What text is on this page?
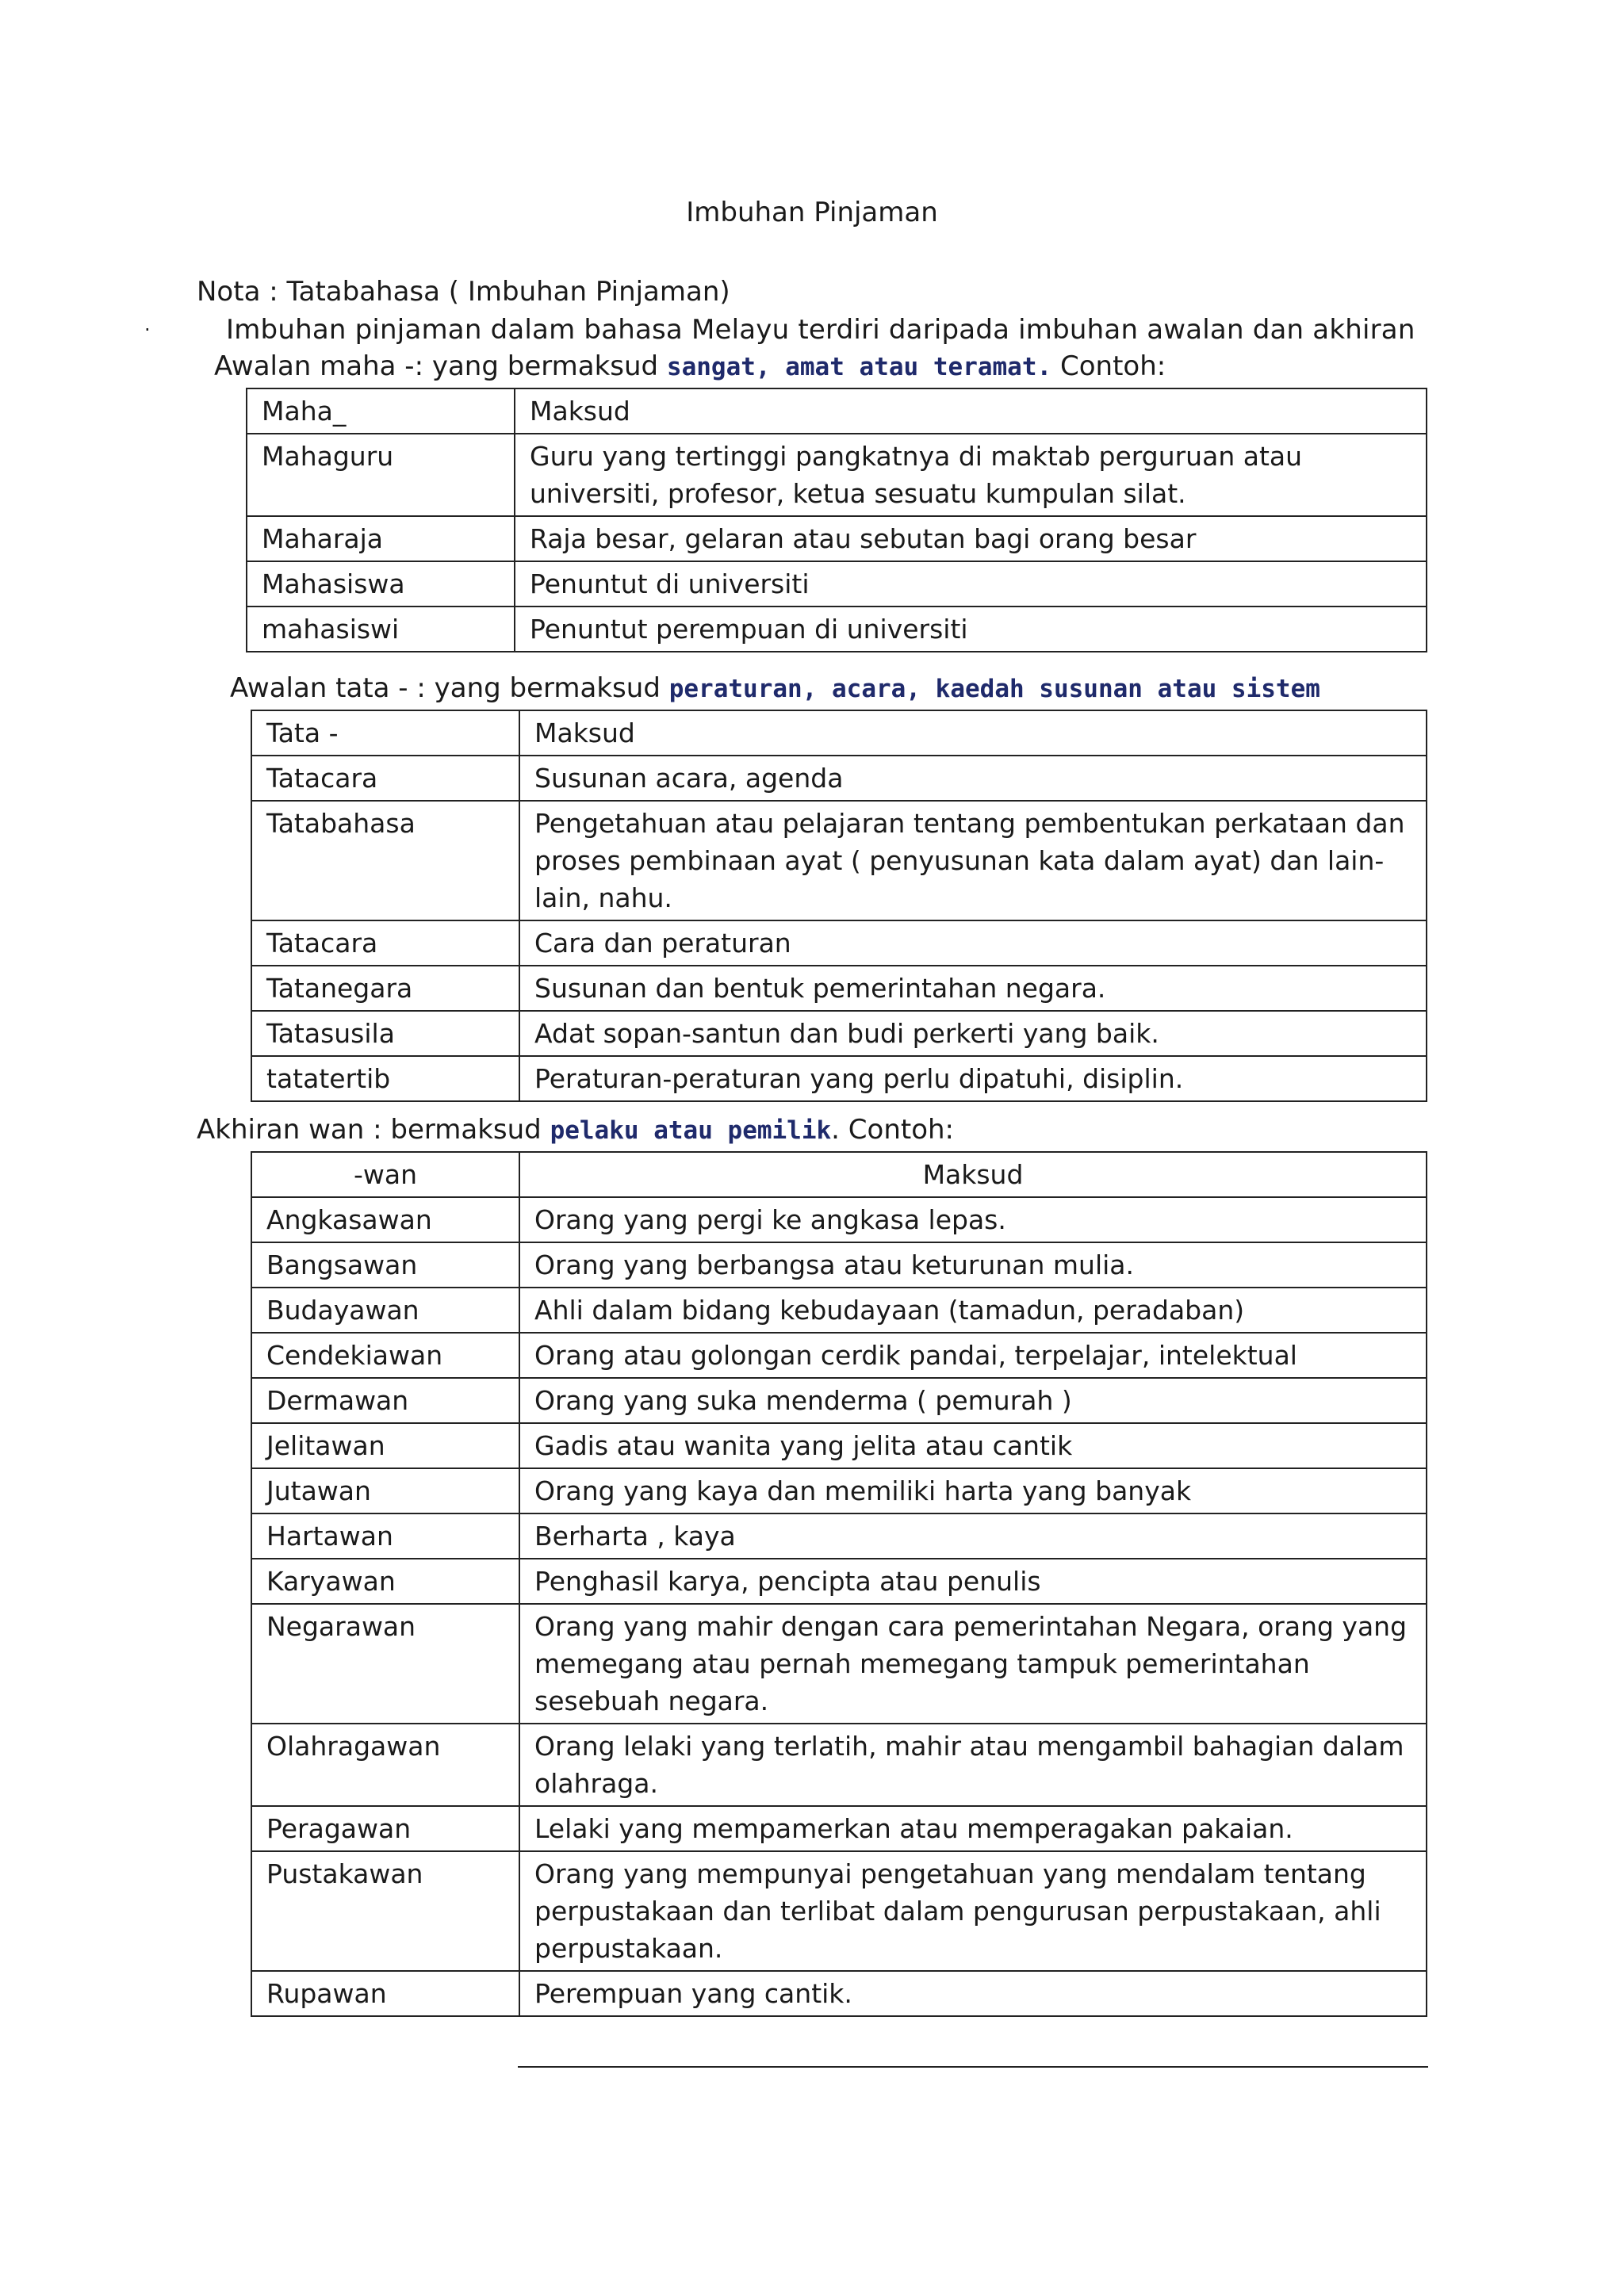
Imbuhan Pinjaman
Nota : Tatabahasa ( Imbuhan Pinjaman)
·	Imbuhan pinjaman dalam bahasa Melayu terdiri daripada imbuhan awalan dan akhiran
Awalan maha -: yang bermaksud sangat, amat atau teramat. Contoh:
Maha_	Maksud
Mahaguru	Guru yang tertinggi pangkatnya di maktab perguruan atau universiti, profesor, ketua sesuatu kumpulan silat.
Maharaja	Raja besar, gelaran atau sebutan bagi orang besar
Mahasiswa	Penuntut di universiti
mahasiswi	Penuntut perempuan di universiti
Awalan tata - : yang bermaksud peraturan, acara, kaedah susunan atau sistem
Tata -	Maksud
Tatacara	Susunan acara, agenda
Tatabahasa	Pengetahuan atau pelajaran tentang pembentukan perkataan dan proses pembinaan ayat ( penyusunan kata dalam ayat) dan lain-lain, nahu.
Tatacara	Cara dan peraturan
Tatanegara	Susunan dan bentuk pemerintahan negara.
Tatasusila	Adat sopan-santun dan budi perkerti yang baik.
tatatertib	Peraturan-peraturan yang perlu dipatuhi, disiplin.
Akhiran wan : bermaksud pelaku atau pemilik. Contoh:
-wan	Maksud
Angkasawan	Orang yang pergi ke angkasa lepas.
Bangsawan	Orang yang berbangsa atau keturunan mulia.
Budayawan	Ahli dalam bidang kebudayaan (tamadun, peradaban)
Cendekiawan	Orang atau golongan cerdik pandai, terpelajar, intelektual
Dermawan	Orang yang suka menderma ( pemurah )
Jelitawan	Gadis atau wanita yang jelita atau cantik
Jutawan	Orang yang kaya dan memiliki harta yang banyak
Hartawan	Berharta , kaya
Karyawan	Penghasil karya, pencipta atau penulis
Negarawan	Orang yang mahir dengan cara pemerintahan Negara, orang yang memegang atau pernah memegang tampuk pemerintahan sesebuah negara.
Olahragawan	Orang lelaki yang terlatih, mahir atau mengambil bahagian dalam olahraga.
Peragawan	Lelaki yang mempamerkan atau memperagakan pakaian.
Pustakawan	Orang yang mempunyai pengetahuan yang mendalam tentang perpustakaan dan terlibat dalam pengurusan perpustakaan, ahli perpustakaan.
Rupawan	Perempuan yang cantik.
